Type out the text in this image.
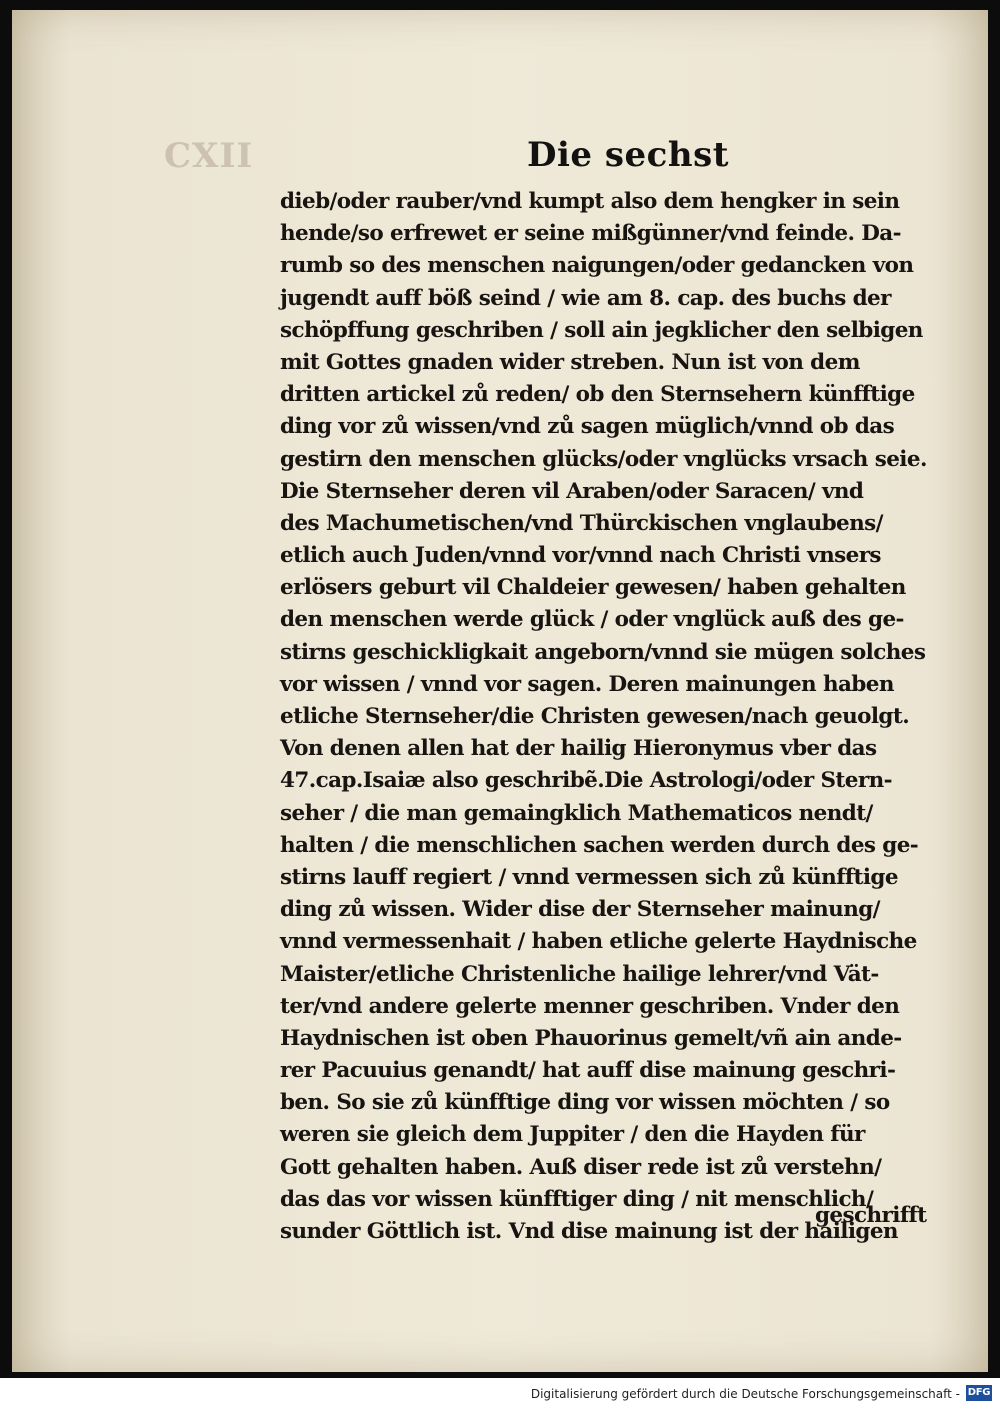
CXII	Die sechst
dieb/oder rauber/vnd kumpt also dem hengker in sein
hende/so erfrewet er seine mißgünner/vnd feinde. Da-
rumb so des menschen naigungen/oder gedancken von
jugendt auff böß seind / wie am 8. cap. des buchs der
schöpffung geschriben / soll ain jegklicher den selbigen
mit Gottes gnaden wider streben. Nun ist von dem
dritten artickel zů reden/ ob den Sternsehern künfftige
ding vor zů wissen/vnd zů sagen müglich/vnnd ob das
gestirn den menschen glücks/oder vnglücks vrsach seie.
Die Sternseher deren vil Araben/oder Saracen/ vnd
des Machumetischen/vnd Thürckischen vnglaubens/
etlich auch Juden/vnnd vor/vnnd nach Christi vnsers
erlösers geburt vil Chaldeier gewesen/ haben gehalten
den menschen werde glück / oder vnglück auß des ge-
stirns geschickligkait angeborn/vnnd sie mügen solches
vor wissen / vnnd vor sagen. Deren mainungen haben
etliche Sternseher/die Christen gewesen/nach geuolgt.
Von denen allen hat der hailig Hieronymus vber das
47.cap.Isaiæ also geschribẽ.Die Astrologi/oder Stern-
seher / die man gemaingklich Mathematicos nendt/
halten / die menschlichen sachen werden durch des ge-
stirns lauff regiert / vnnd vermessen sich zů künfftige
ding zů wissen. Wider dise der Sternseher mainung/
vnnd vermessenhait / haben etliche gelerte Haydnische
Maister/etliche Christenliche hailige lehrer/vnd Vät-
ter/vnd andere gelerte menner geschriben. Vnder den
Haydnischen ist oben Phauorinus gemelt/vñ ain ande-
rer Pacuuius genandt/ hat auff dise mainung geschri-
ben. So sie zů künfftige ding vor wissen möchten / so
weren sie gleich dem Juppiter / den die Hayden für
Gott gehalten haben. Auß diser rede ist zů verstehn/
das das vor wissen künfftiger ding / nit menschlich/
sunder Göttlich ist. Vnd dise mainung ist der hailigen
geschrifft
Digitalisierung gefördert durch die Deutsche Forschungsgemeinschaft - DFG
